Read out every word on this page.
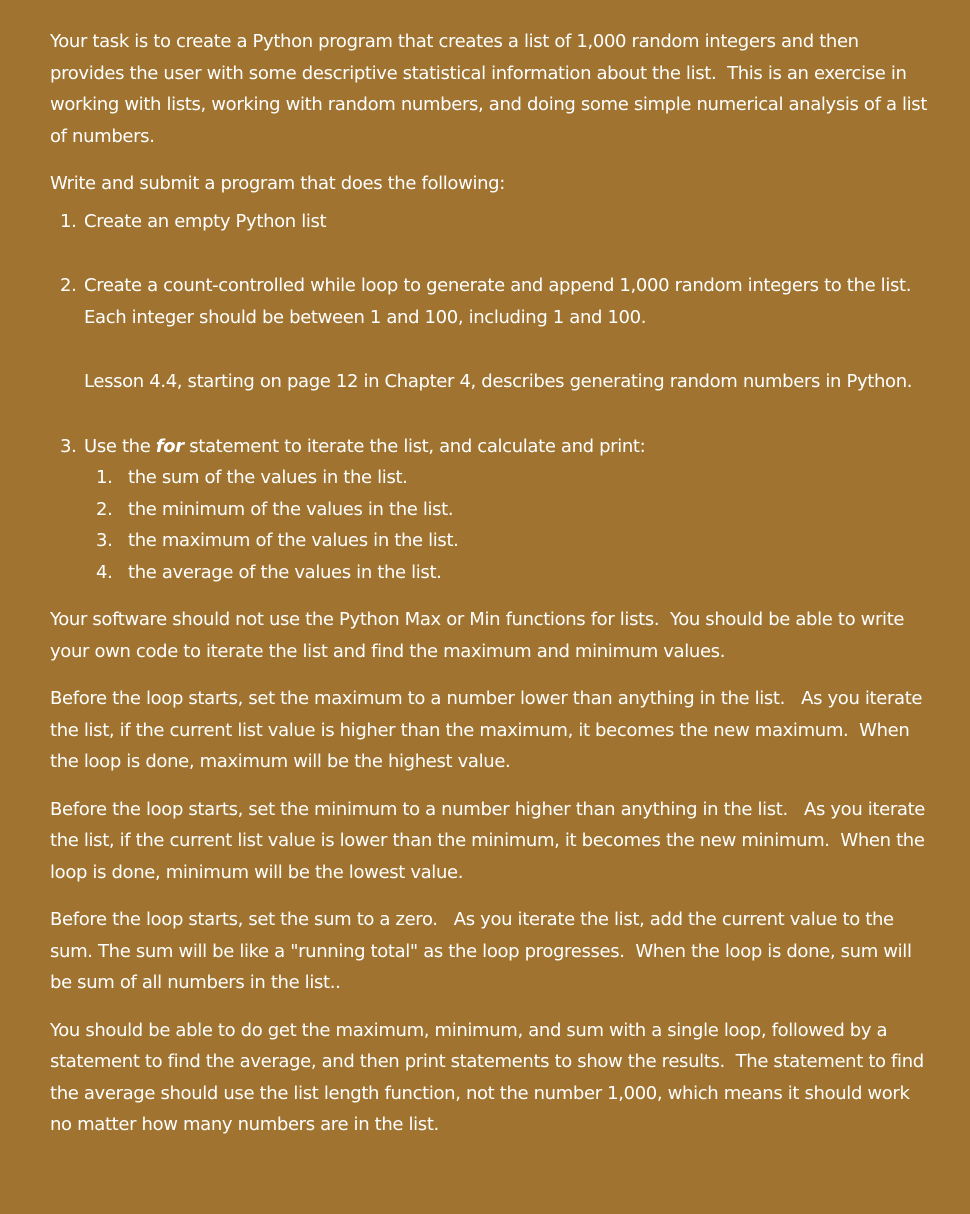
Your task is to create a Python program that creates a list of 1,000 random integers and then provides the user with some descriptive statistical information about the list.  This is an exercise in working with lists, working with random numbers, and doing some simple numerical analysis of a list of numbers.

Write and submit a program that does the following:

1. Create an empty Python list
2. Create a count-controlled while loop to generate and append 1,000 random integers to the list. Each integer should be between 1 and 100, including 1 and 100.
Lesson 4.4, starting on page 12 in Chapter 4, describes generating random numbers in Python.
3. Use the for statement to iterate the list, and calculate and print:
1. the sum of the values in the list.
2. the minimum of the values in the list.
3. the maximum of the values in the list.
4. the average of the values in the list.

Your software should not use the Python Max or Min functions for lists.  You should be able to write your own code to iterate the list and find the maximum and minimum values.

Before the loop starts, set the maximum to a number lower than anything in the list.   As you iterate the list, if the current list value is higher than the maximum, it becomes the new maximum.  When the loop is done, maximum will be the highest value.

Before the loop starts, set the minimum to a number higher than anything in the list.   As you iterate the list, if the current list value is lower than the minimum, it becomes the new minimum.  When the loop is done, minimum will be the lowest value.

Before the loop starts, set the sum to a zero.   As you iterate the list, add the current value to the sum. The sum will be like a "running total" as the loop progresses.  When the loop is done, sum will be sum of all numbers in the list..

You should be able to do get the maximum, minimum, and sum with a single loop, followed by a statement to find the average, and then print statements to show the results.  The statement to find the average should use the list length function, not the number 1,000, which means it should work no matter how many numbers are in the list.
